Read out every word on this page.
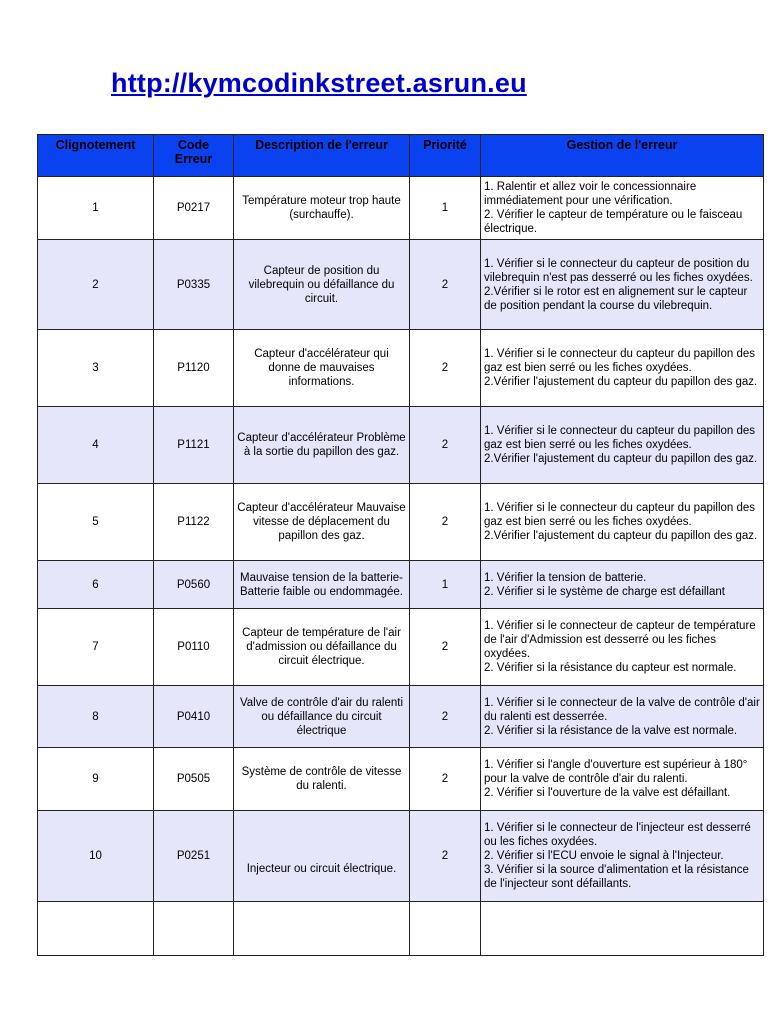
http://kymcodinkstreet.asrun.eu
Clignotement	Code
Erreur	Description de l'erreur	Priorité	Gestion de l'erreur
1	P0217	Température moteur trop haute (surchauffe).	1	1. Ralentir et allez voir le concessionnaire
immédiatement pour une vérification.
2. Vérifier le capteur de température ou le faisceau électrique.
2	P0335	Capteur de position du vilebrequin ou défaillance du circuit.	2	1. Vérifier si le connecteur du capteur de position du vilebrequin n'est pas desserré ou les fiches oxydées.
2.Vérifier si le rotor est en alignement sur le capteur de position pendant la course du vilebrequin.
3	P1120	Capteur d'accélérateur qui donne de mauvaises informations.	2	1. Vérifier si le connecteur du capteur du papillon des gaz est bien serré ou les fiches oxydées.
2.Vérifier l'ajustement du capteur du papillon des gaz.
4	P1121	Capteur d'accélérateur Problème à la sortie du papillon des gaz.	2	1. Vérifier si le connecteur du capteur du papillon des gaz est bien serré ou les fiches oxydées.
2.Vérifier l'ajustement du capteur du papillon des gaz.
5	P1122	Capteur d'accélérateur Mauvaise vitesse de déplacement du papillon des gaz.	2	1. Vérifier si le connecteur du capteur du papillon des gaz est bien serré ou les fiches oxydées.
2.Vérifier l'ajustement du capteur du papillon des gaz.
6	P0560	Mauvaise tension de la batterie- Batterie faible ou endommagée.	1	1. Vérifier la tension de batterie.
2. Vérifier si le système de charge est défaillant
7	P0110	Capteur de température de l'air d'admission ou défaillance du circuit électrique.	2	1. Vérifier si le connecteur de capteur de température de l'air d'Admission est desserré ou les fiches oxydées.
2. Vérifier si la résistance du capteur est normale.
8	P0410	Valve de contrôle d'air du ralenti ou défaillance du circuit électrique	2	1. Vérifier si le connecteur de la valve de contrôle d'air du ralenti est desserrée.
2. Vérifier si la résistance de la valve est normale.
9	P0505	Système de contrôle de vitesse du ralenti.	2	1. Vérifier si l'angle d'ouverture est supérieur à 180° pour la valve de contrôle d'air du ralenti.
2. Vérifier si l'ouverture de la valve est défaillant.
10	P0251	Injecteur ou circuit électrique.	2	1. Vérifier si le connecteur de l'injecteur est desserré ou les fiches oxydées.
2. Vérifier si l'ECU envoie le signal à l'Injecteur.
3. Vérifier si la source d'alimentation et la résistance de l'injecteur sont défaillants.
